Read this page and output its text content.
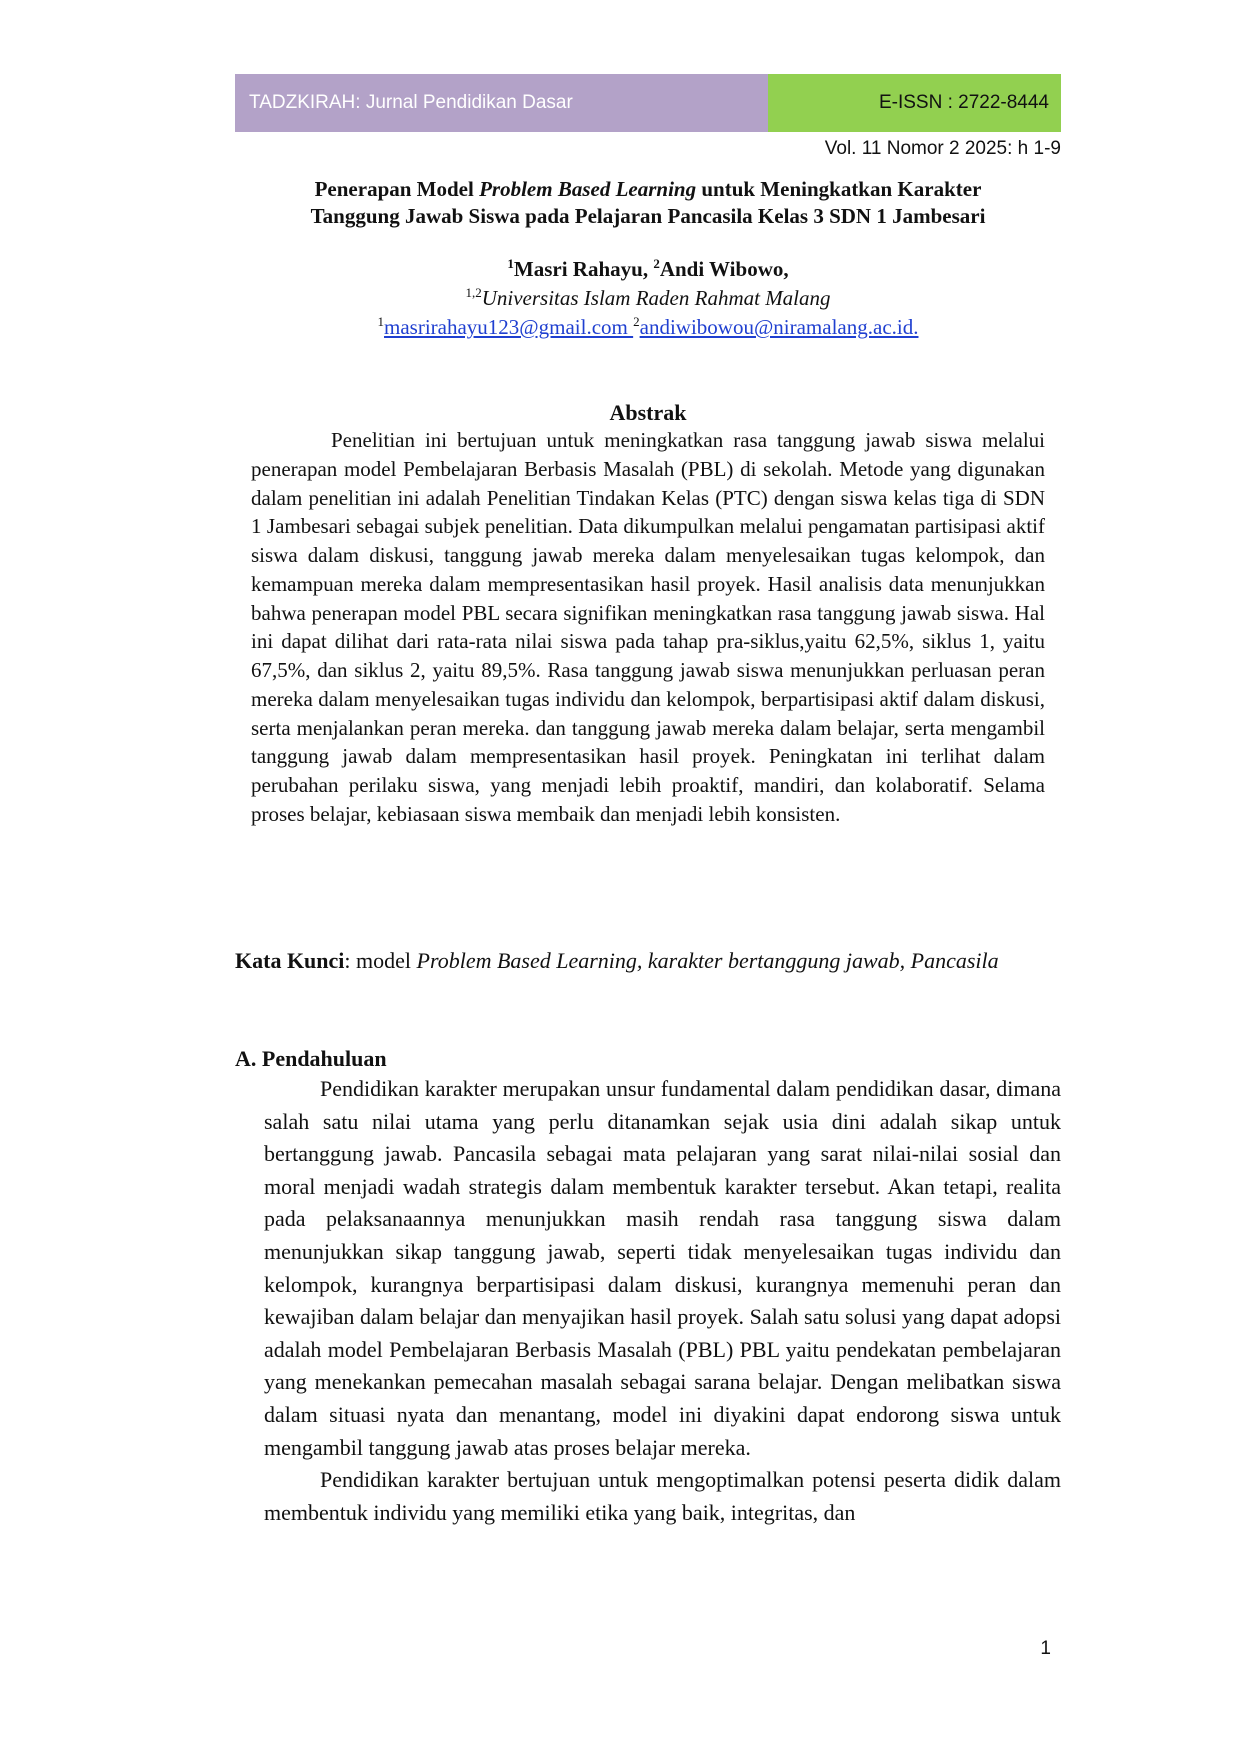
TADZKIRAH: Jurnal Pendidikan Dasar	E-ISSN : 2722-8444
Vol. 11 Nomor 2 2025: h 1-9
Penerapan Model Problem Based Learning untuk Meningkatkan Karakter
Tanggung Jawab Siswa pada Pelajaran Pancasila Kelas 3 SDN 1 Jambesari
$^1$Masri Rahayu, $^2$Andi Wibowo,
$^{1,2}$Universitas Islam Raden Rahmat Malang
$^1$masrirahayu123@gmail.com $^2$andiwibowou@niramalang.ac.id.
Abstrak

Penelitian ini bertujuan untuk meningkatkan rasa tanggung jawab siswa melalui penerapan model Pembelajaran Berbasis Masalah (PBL) di sekolah. Metode yang digunakan dalam penelitian ini adalah Penelitian Tindakan Kelas (PTC) dengan siswa kelas tiga di SDN 1 Jambesari sebagai subjek penelitian. Data dikumpulkan melalui pengamatan partisipasi aktif siswa dalam diskusi, tanggung jawab mereka dalam menyelesaikan tugas kelompok, dan kemampuan mereka dalam mempresentasikan hasil proyek. Hasil analisis data menunjukkan bahwa penerapan model PBL secara signifikan meningkatkan rasa tanggung jawab siswa. Hal ini dapat dilihat dari rata-rata nilai siswa pada tahap pra-siklus,yaitu 62,5%, siklus 1, yaitu 67,5%, dan siklus 2, yaitu 89,5%. Rasa tanggung jawab siswa menunjukkan perluasan peran mereka dalam menyelesaikan tugas individu dan kelompok, berpartisipasi aktif dalam diskusi, serta menjalankan peran mereka. dan tanggung jawab mereka dalam belajar, serta mengambil tanggung jawab dalam mempresentasikan hasil proyek. Peningkatan ini terlihat dalam perubahan perilaku siswa, yang menjadi lebih proaktif, mandiri, dan kolaboratif. Selama proses belajar, kebiasaan siswa membaik dan menjadi lebih konsisten.

Kata Kunci: model Problem Based Learning, karakter bertanggung jawab, Pancasila
A. Pendahuluan

Pendidikan karakter merupakan unsur fundamental dalam pendidikan dasar, dimana salah satu nilai utama yang perlu ditanamkan sejak usia dini adalah sikap untuk bertanggung jawab. Pancasila sebagai mata pelajaran yang sarat nilai-nilai sosial dan moral menjadi wadah strategis dalam membentuk karakter tersebut. Akan tetapi, realita pada pelaksanaannya menunjukkan masih rendah rasa tanggung siswa dalam menunjukkan sikap tanggung jawab, seperti tidak menyelesaikan tugas individu dan kelompok, kurangnya berpartisipasi dalam diskusi, kurangnya memenuhi peran dan kewajiban dalam belajar dan menyajikan hasil proyek. Salah satu solusi yang dapat adopsi adalah model Pembelajaran Berbasis Masalah (PBL) PBL yaitu pendekatan pembelajaran yang menekankan pemecahan masalah sebagai sarana belajar. Dengan melibatkan siswa dalam situasi nyata dan menantang, model ini diyakini dapat endorong siswa untuk mengambil tanggung jawab atas proses belajar mereka.

Pendidikan karakter bertujuan untuk mengoptimalkan potensi peserta didik dalam membentuk individu yang memiliki etika yang baik, integritas, dan

1
